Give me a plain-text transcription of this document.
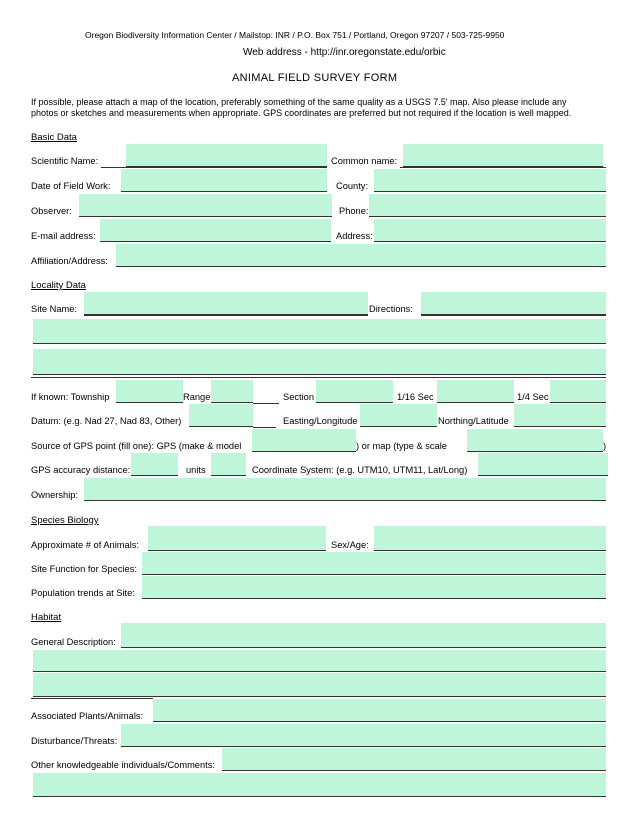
Oregon Biodiversity Information Center / Mailstop: INR / P.O. Box 751 / Portland, Oregon 97207 / 503-725-9950
Web address - http://inr.oregonstate.edu/orbic
ANIMAL FIELD SURVEY FORM
If possible, please attach a map of the location, preferably something of the same quality as a USGS 7.5' map. Also please include any
photos or sketches and measurements when appropriate. GPS coordinates are preferred but not required if the location is well mapped.
Basic Data
Scientific Name:	Common name:
Date of Field Work:	County:
Observer:	Phone:
E-mail address:	Address:
Affiliation/Address:
Locality Data
Site Name:	Directions:
If known: Township	Range	Section	1/16 Sec	1/4 Sec
Datum: (e.g. Nad 27, Nad 83, Other)	Easting/Longitude	Northing/Latitude
Source of GPS point (fill one): GPS (make & model	) or map (type & scale	)
GPS accuracy distance:	units	Coordinate System: (e.g. UTM10, UTM11, Lat/Long)
Ownership:
Species Biology
Approximate # of Animals:	Sex/Age:
Site Function for Species:
Population trends at Site:
Habitat
General Description:
Associated Plants/Animals:
Disturbance/Threats:
Other knowledgeable individuals/Comments:
